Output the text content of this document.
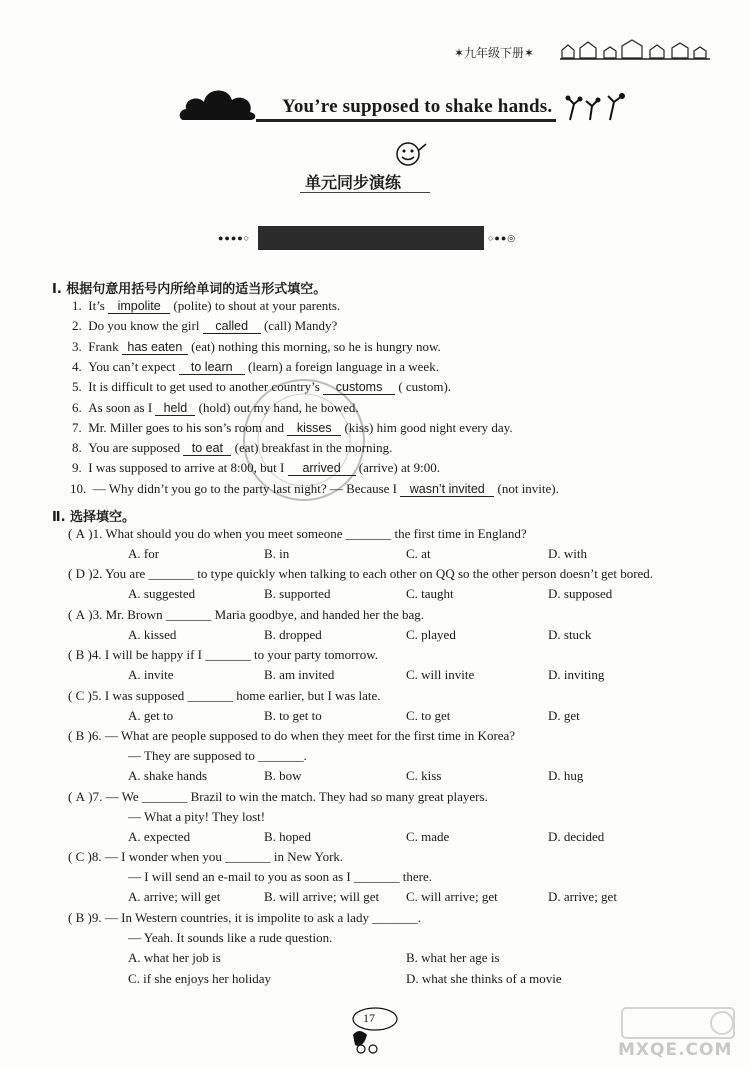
✶九年级下册✶
You’re supposed to shake hands.
单元同步演练
●●●●○	○●●◎
I. 根据句意用括号内所给单词的适当形式填空。
1. It’s impolite (polite) to shout at your parents.
2. Do you know the girl called (call) Mandy?
3. Frank has eaten (eat) nothing this morning, so he is hungry now.
4. You can’t expect to learn (learn) a foreign language in a week.
5. It is difficult to get used to another country’s customs ( custom).
6. As soon as I held (hold) out my hand, he bowed.
7. Mr. Miller goes to his son’s room and kisses (kiss) him good night every day.
8. You are supposed to eat (eat) breakfast in the morning.
9. I was supposed to arrive at 8:00, but I arrived (arrive) at 9:00.
10. — Why didn’t you go to the party last night? — Because I wasn’t invited (not invite).
Ⅱ. 选择填空。
( A )1. What should you do when you meet someone _______ the first time in England?
A. for	B. in	C. at	D. with
( D )2. You are _______ to type quickly when talking to each other on QQ so the other person doesn’t get bored.
A. suggested	B. supported	C. taught	D. supposed
( A )3. Mr. Brown _______ Maria goodbye, and handed her the bag.
A. kissed	B. dropped	C. played	D. stuck
( B )4. I will be happy if I _______ to your party tomorrow.
A. invite	B. am invited	C. will invite	D. inviting
( C )5. I was supposed _______ home earlier, but I was late.
A. get to	B. to get to	C. to get	D. get
( B )6. — What are people supposed to do when they meet for the first time in Korea?
— They are supposed to _______.
A. shake hands	B. bow	C. kiss	D. hug
( A )7. — We _______ Brazil to win the match. They had so many great players.
— What a pity! They lost!
A. expected	B. hoped	C. made	D. decided
( C )8. — I wonder when you _______ in New York.
— I will send an e-mail to you as soon as I _______ there.
A. arrive; will get	B. will arrive; will get C. will arrive; get	D. arrive; get
( B )9. — In Western countries, it is impolite to ask a lady _______.
— Yeah. It sounds like a rude question.
A. what her job is	B. what her age is
C. if she enjoys her holiday	D. what she thinks of a movie
17
MXQE.COM
